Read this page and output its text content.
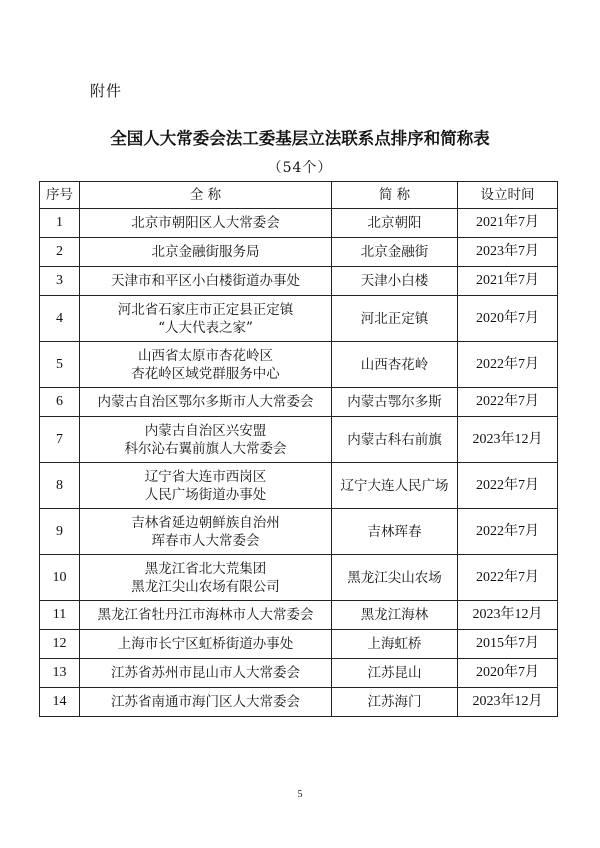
附件
全国人大常委会法工委基层立法联系点排序和简称表
（54个）
序号	全 称	简 称	设立时间
1	北京市朝阳区人大常委会	北京朝阳	2021年7月
2	北京金融街服务局	北京金融街	2023年7月
3	天津市和平区小白楼街道办事处	天津小白楼	2021年7月
4	河北省石家庄市正定县正定镇
“人大代表之家”	河北正定镇	2020年7月
5	山西省太原市杏花岭区
杏花岭区域党群服务中心	山西杏花岭	2022年7月
6	内蒙古自治区鄂尔多斯市人大常委会	内蒙古鄂尔多斯	2022年7月
7	内蒙古自治区兴安盟
科尔沁右翼前旗人大常委会	内蒙古科右前旗	2023年12月
8	辽宁省大连市西岗区
人民广场街道办事处	辽宁大连人民广场	2022年7月
9	吉林省延边朝鲜族自治州
珲春市人大常委会	吉林珲春	2022年7月
10	黑龙江省北大荒集团
黑龙江尖山农场有限公司	黑龙江尖山农场	2022年7月
11	黑龙江省牡丹江市海林市人大常委会	黑龙江海林	2023年12月
12	上海市长宁区虹桥街道办事处	上海虹桥	2015年7月
13	江苏省苏州市昆山市人大常委会	江苏昆山	2020年7月
14	江苏省南通市海门区人大常委会	江苏海门	2023年12月
5
